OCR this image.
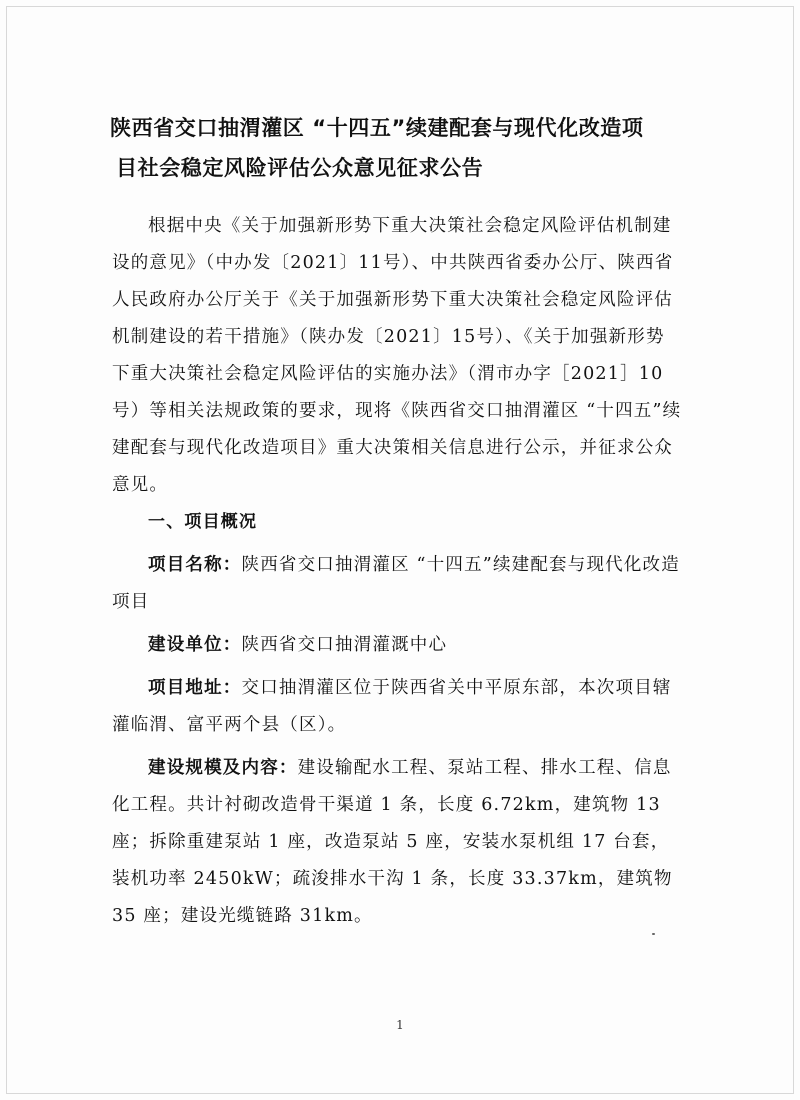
陕西省交口抽渭灌区 “十四五”续建配套与现代化改造项
目社会稳定风险评估公众意见征求公告

根据中央《关于加强新形势下重大决策社会稳定风险评估机制建设的意见》（中办发〔2021〕11号）、中共陕西省委办公厅、陕西省人民政府办公厅关于《关于加强新形势下重大决策社会稳定风险评估机制建设的若干措施》（陕办发〔2021〕15号）、《关于加强新形势下重大决策社会稳定风险评估的实施办法》（渭市办字［2021］10号）等相关法规政策的要求，现将《陕西省交口抽渭灌区 “十四五”续建配套与现代化改造项目》重大决策相关信息进行公示，并征求公众意见。

一、项目概况

项目名称：陕西省交口抽渭灌区 “十四五”续建配套与现代化改造项目

建设单位：陕西省交口抽渭灌溉中心

项目地址：交口抽渭灌区位于陕西省关中平原东部，本次项目辖灌临渭、富平两个县（区）。

建设规模及内容：建设输配水工程、泵站工程、排水工程、信息化工程。共计衬砌改造骨干渠道 1 条，长度 6.72km，建筑物 13 座；拆除重建泵站 1 座，改造泵站 5 座，安装水泵机组 17 台套，装机功率 2450kW；疏浚排水干沟 1 条，长度 33.37km，建筑物 35 座；建设光缆链路 31km。

1
